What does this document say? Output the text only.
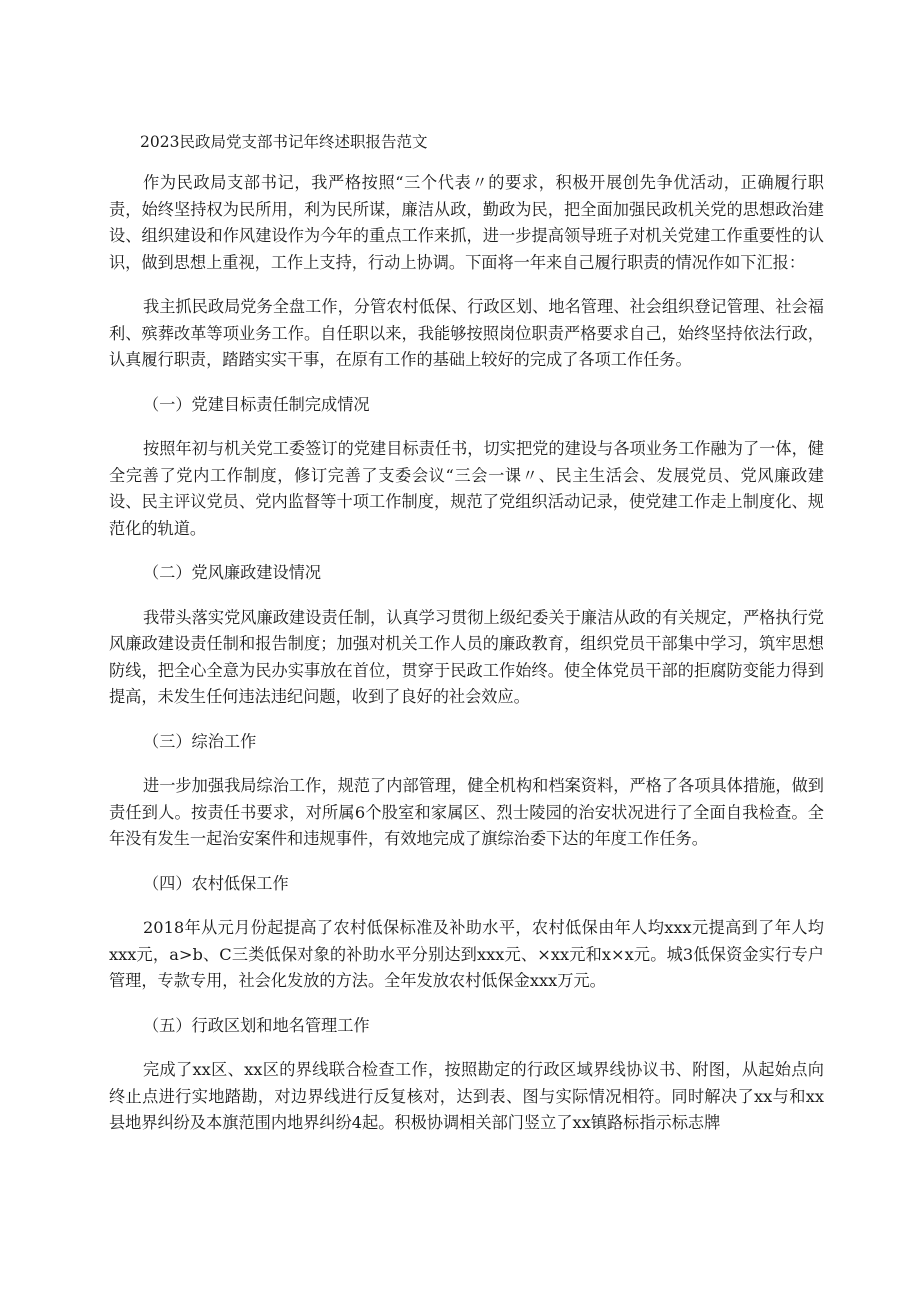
2023民政局党支部书记年终述职报告范文

作为民政局支部书记，我严格按照“三个代表〃的要求，积极开展创先争优活动，正确履行职责，始终坚持权为民所用，利为民所谋，廉洁从政，勤政为民，把全面加强民政机关党的思想政治建设、组织建设和作风建设作为今年的重点工作来抓，进一步提高领导班子对机关党建工作重要性的认识，做到思想上重视，工作上支持，行动上协调。下面将一年来自己履行职责的情况作如下汇报：

我主抓民政局党务全盘工作，分管农村低保、行政区划、地名管理、社会组织登记管理、社会福利、殡葬改革等项业务工作。自任职以来，我能够按照岗位职责严格要求自己，始终坚持依法行政，认真履行职责，踏踏实实干事，在原有工作的基础上较好的完成了各项工作任务。

（一）党建目标责任制完成情况

按照年初与机关党工委签订的党建目标责任书，切实把党的建设与各项业务工作融为了一体，健全完善了党内工作制度，修订完善了支委会议“三会一课〃、民主生活会、发展党员、党风廉政建设、民主评议党员、党内监督等十项工作制度，规范了党组织活动记录，使党建工作走上制度化、规范化的轨道。

（二）党风廉政建设情况

我带头落实党风廉政建设责任制，认真学习贯彻上级纪委关于廉洁从政的有关规定，严格执行党风廉政建设责任制和报告制度；加强对机关工作人员的廉政教育，组织党员干部集中学习，筑牢思想防线，把全心全意为民办实事放在首位，贯穿于民政工作始终。使全体党员干部的拒腐防变能力得到提高，未发生任何违法违纪问题，收到了良好的社会效应。

（三）综治工作

进一步加强我局综治工作，规范了内部管理，健全机构和档案资料，严格了各项具体措施，做到责任到人。按责任书要求，对所属6个股室和家属区、烈士陵园的治安状况进行了全面自我检查。全年没有发生一起治安案件和违规事件，有效地完成了旗综治委下达的年度工作任务。

（四）农村低保工作

2018年从元月份起提高了农村低保标准及补助水平，农村低保由年人均xxx元提高到了年人均xxx元，a>b、C三类低保对象的补助水平分别达到xxx元、×xx元和x×x元。城3低保资金实行专户管理，专款专用，社会化发放的方法。全年发放农村低保金xxx万元。

（五）行政区划和地名管理工作

完成了xx区、xx区的界线联合检查工作，按照勘定的行政区域界线协议书、附图，从起始点向终止点进行实地踏勘，对边界线进行反复核对，达到表、图与实际情况相符。同时解决了xx与和xx县地界纠纷及本旗范围内地界纠纷4起。积极协调相关部门竖立了xx镇路标指示标志牌
